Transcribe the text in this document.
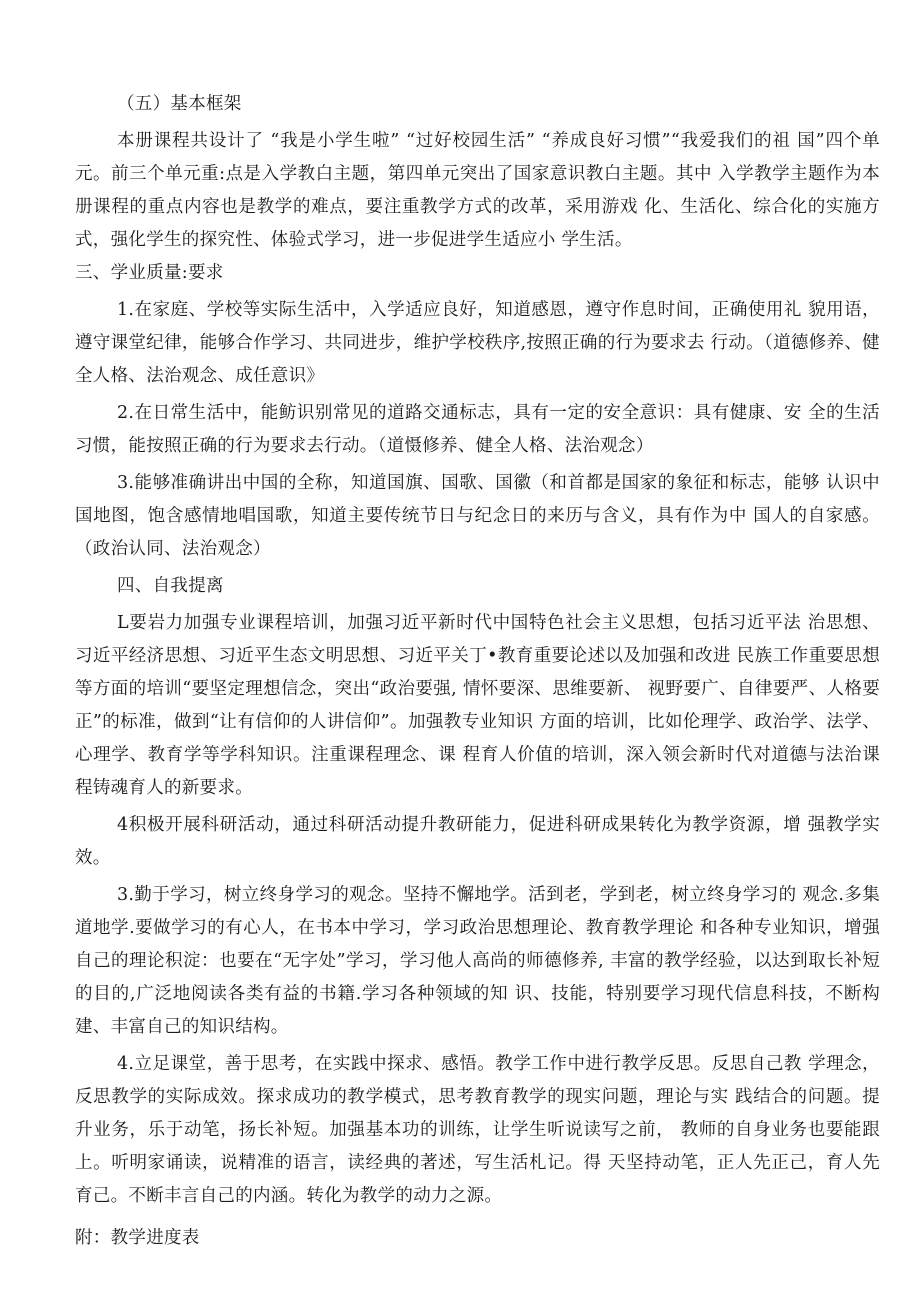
（五）基本框架

本册课程共设计了 “我是小学生啦” “过好校园生活” “养成良好习惯”“我爱我们的祖 国”四个单元。前三个单元重:点是入学教白主题，第四单元突出了国家意识教白主题。其中 入学教学主题作为本册课程的重点内容也是教学的难点，要注重教学方式的改革，采用游戏 化、生活化、综合化的实施方式，强化学生的探究性、体验式学习，进一步促进学生适应小 学生活。

三、学业质量:要求

1.在家庭、学校等实际生活中，入学适应良好，知道感恩，遵守作息时间，正确使用礼 貌用语，遵守课堂纪律，能够合作学习、共同进步，维护学校秩序,按照正确的行为要求去 行动。（道德修养、健全人格、法治观念、成任意识》

2.在日常生活中，能鲂识别常见的道路交通标志，具有一定的安全意识：具有健康、安 全的生活习惯，能按照正确的行为要求去行动。（道慑修养、健全人格、法治观念）

3.能够准确讲出中国的全称，知道国旗、国歌、国徽（和首都是国家的象征和标志，能够 认识中国地图，饱含感情地唱国歌，知道主要传统节日与纪念日的来历与含义，具有作为中 国人的自家感。（政治认同、法治观念）

四、自我提离

L要岩力加强专业课程培训，加强习近平新时代中国特色社会主义思想，包括习近平法 治思想、习近平经济思想、习近平生态文明思想、习近平关丁•教育重要论述以及加强和改进 民族工作重要思想等方面的培训“要坚定理想信念，突出“政治要强, 情怀要深、思维要新、 视野要广、自律要严、人格要正”的标准，做到“让有信仰的人讲信仰”。加强教专业知识 方面的培训，比如伦理学、政治学、法学、心理学、教育学等学科知识。注重课程理念、课 程育人价值的培训，深入领会新时代对道德与法治课程铸魂育人的新要求。

4积极开展科研活动，通过科研活动提升教研能力，促进科研成果转化为教学资源，增 强教学实效。

3.勤于学习，树立终身学习的观念。坚持不懈地学。活到老，学到老，树立终身学习的 观念.多集道地学.要做学习的有心人，在书本中学习，学习政治思想理论、教育教学理论 和各种专业知识，增强自己的理论积淀：也要在“无字处”学习，学习他人高尚的师德修养, 丰富的教学经验，以达到取长补短的目的,广泛地阅读各类有益的书籍.学习各种领域的知 识、技能，特别要学习现代信息科技，不断构建、丰富自己的知识结构。

4.立足课堂，善于思考，在实践中探求、感悟。教学工作中进行教学反思。反思自己教 学理念，反思教学的实际成效。探求成功的教学模式，思考教育教学的现实问题，理论与实 践结合的问题。提升业务，乐于动笔，扬长补短。加强基本功的训练，让学生听说读写之前， 教师的自身业务也要能跟上。听明家诵读，说精准的语言，读经典的著述，写生活札记。得 天坚持动笔，正人先正己，育人先育己。不断丰言自己的内涵。转化为教学的动力之源。

附：教学进度表
